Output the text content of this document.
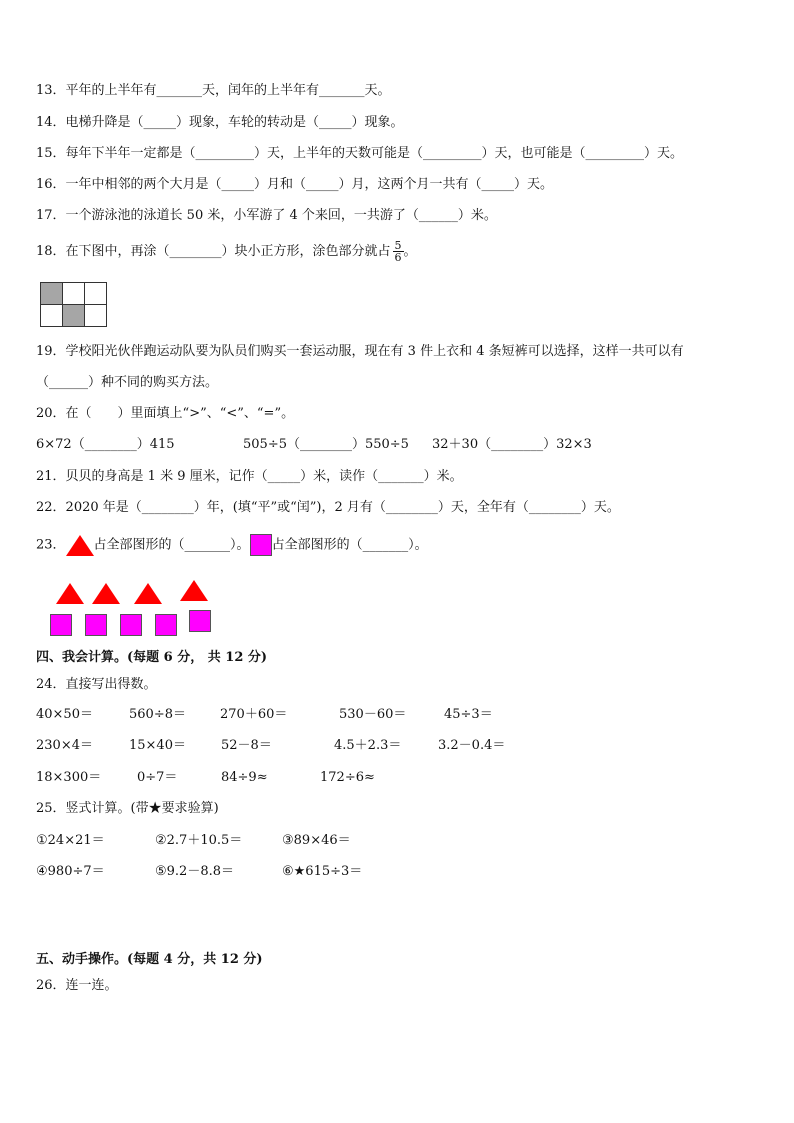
13．平年的上半年有_______天，闰年的上半年有_______天。
14．电梯升降是（_____）现象，车轮的转动是（_____）现象。
15．每年下半年一定都是（_________）天，上半年的天数可能是（_________）天，也可能是（_________）天。
16．一年中相邻的两个大月是（_____）月和（_____）月，这两个月一共有（_____）天。
17．一个游泳池的泳道长 50 米，小军游了 4 个来回，一共游了（______）米。
18．在下图中，再涂（________）块小正方形，涂色部分就占 $\frac{5}{6}$ 。

19．学校阳光伙伴跑运动队要为队员们购买一套运动服，现在有 3 件上衣和 4 条短裤可以选择，这样一共可以有
（______）种不同的购买方法。
20．在（　　）里面填上“>”、“<”、“=”。
6×72（________）415	505÷5（________）550÷5 32＋30（________）32×3
21．贝贝的身高是 1 米 9 厘米，记作（_____）米，读作（_______）米。
22．2020 年是（________）年，(填“平”或“闰”)，2 月有（________）天，全年有（________）天。
23． 占全部图形的（_______）。 占全部图形的（_______）。
四、我会计算。(每题 6 分， 共 12 分)
24．直接写出得数。
40×50＝	560÷8＝	270＋60＝	530－60＝	45÷3＝
230×4＝	15×40＝	52－8＝	4.5＋2.3＝	3.2－0.4＝
18×300＝	0÷7＝	84÷9≈	172÷6≈
25．竖式计算。(带★要求验算)
①24×21＝	②2.7＋10.5＝	③89×46＝
④980÷7＝	⑤9.2－8.8＝	⑥★615÷3＝
五、动手操作。(每题 4 分，共 12 分)
26．连一连。
